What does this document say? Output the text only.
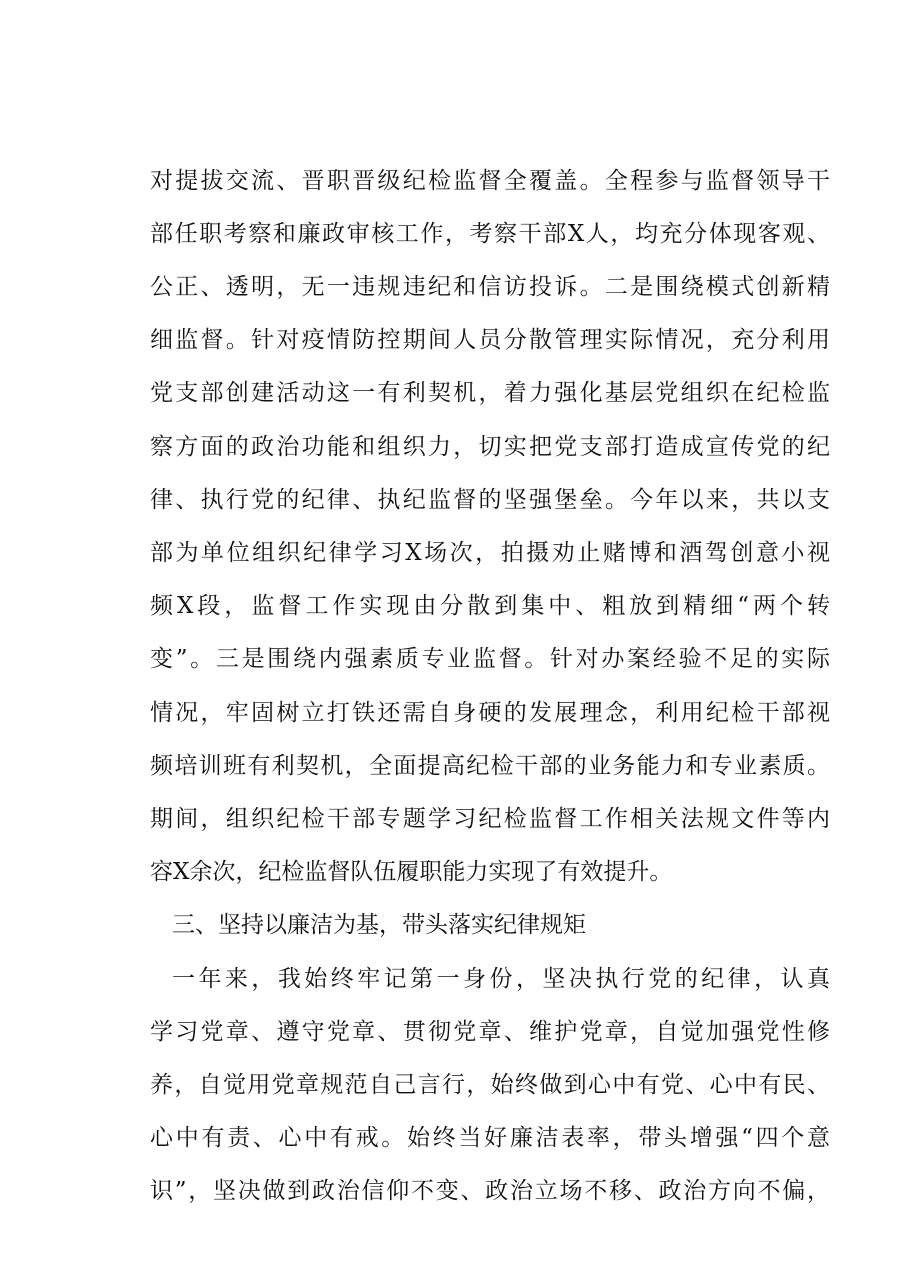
对提拔交流、晋职晋级纪检监督全覆盖。全程参与监督领导干
部任职考察和廉政审核工作，考察干部X人，均充分体现客观、
公正、透明，无一违规违纪和信访投诉。二是围绕模式创新精
细监督。针对疫情防控期间人员分散管理实际情况，充分利用
党支部创建活动这一有利契机，着力强化基层党组织在纪检监
察方面的政治功能和组织力，切实把党支部打造成宣传党的纪
律、执行党的纪律、执纪监督的坚强堡垒。今年以来，共以支
部为单位组织纪律学习X场次，拍摄劝止赌博和酒驾创意小视
频X段，监督工作实现由分散到集中、粗放到精细“两个转
变”。三是围绕内强素质专业监督。针对办案经验不足的实际
情况，牢固树立打铁还需自身硬的发展理念，利用纪检干部视
频培训班有利契机，全面提高纪检干部的业务能力和专业素质。
期间，组织纪检干部专题学习纪检监督工作相关法规文件等内
容X余次，纪检监督队伍履职能力实现了有效提升。
三、坚持以廉洁为基，带头落实纪律规矩
一年来，我始终牢记第一身份，坚决执行党的纪律，认真
学习党章、遵守党章、贯彻党章、维护党章，自觉加强党性修
养，自觉用党章规范自己言行，始终做到心中有党、心中有民、
心中有责、心中有戒。始终当好廉洁表率，带头增强“四个意
识”，坚决做到政治信仰不变、政治立场不移、政治方向不偏，
